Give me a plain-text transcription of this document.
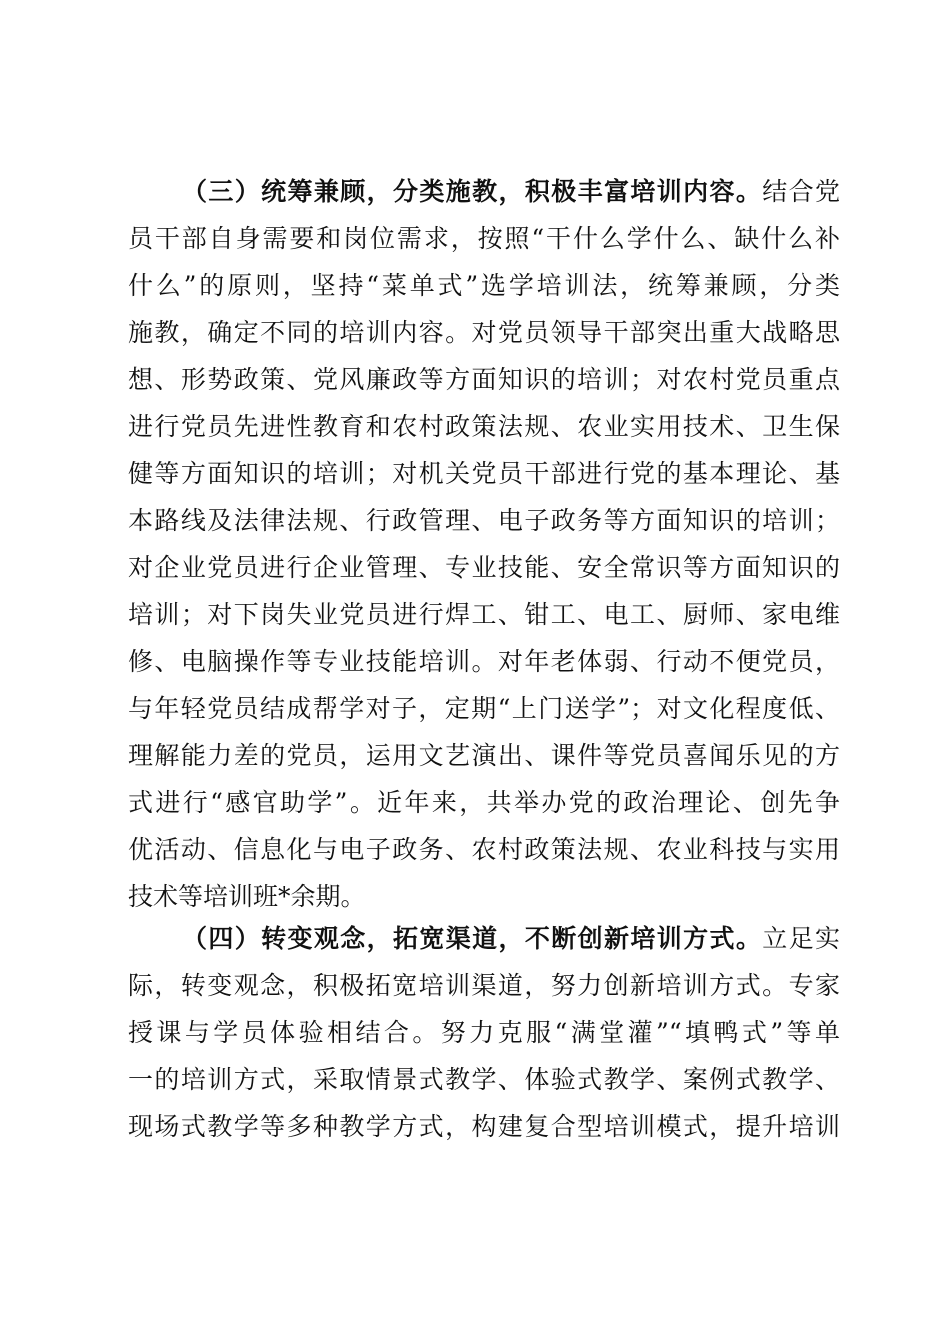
（三）统筹兼顾，分类施教，积极丰富培训内容。结合党
员干部自身需要和岗位需求，按照“干什么学什么、缺什么补
什么”的原则，坚持“菜单式”选学培训法，统筹兼顾，分类
施教，确定不同的培训内容。对党员领导干部突出重大战略思
想、形势政策、党风廉政等方面知识的培训；对农村党员重点
进行党员先进性教育和农村政策法规、农业实用技术、卫生保
健等方面知识的培训；对机关党员干部进行党的基本理论、基
本路线及法律法规、行政管理、电子政务等方面知识的培训；
对企业党员进行企业管理、专业技能、安全常识等方面知识的
培训；对下岗失业党员进行焊工、钳工、电工、厨师、家电维
修、电脑操作等专业技能培训。对年老体弱、行动不便党员，
与年轻党员结成帮学对子，定期“上门送学”；对文化程度低、
理解能力差的党员，运用文艺演出、课件等党员喜闻乐见的方
式进行“感官助学”。近年来，共举办党的政治理论、创先争
优活动、信息化与电子政务、农村政策法规、农业科技与实用
技术等培训班*余期。
（四）转变观念，拓宽渠道，不断创新培训方式。立足实
际，转变观念，积极拓宽培训渠道，努力创新培训方式。专家
授课与学员体验相结合。努力克服“满堂灌”“填鸭式”等单
一的培训方式，采取情景式教学、体验式教学、案例式教学、
现场式教学等多种教学方式，构建复合型培训模式，提升培训
